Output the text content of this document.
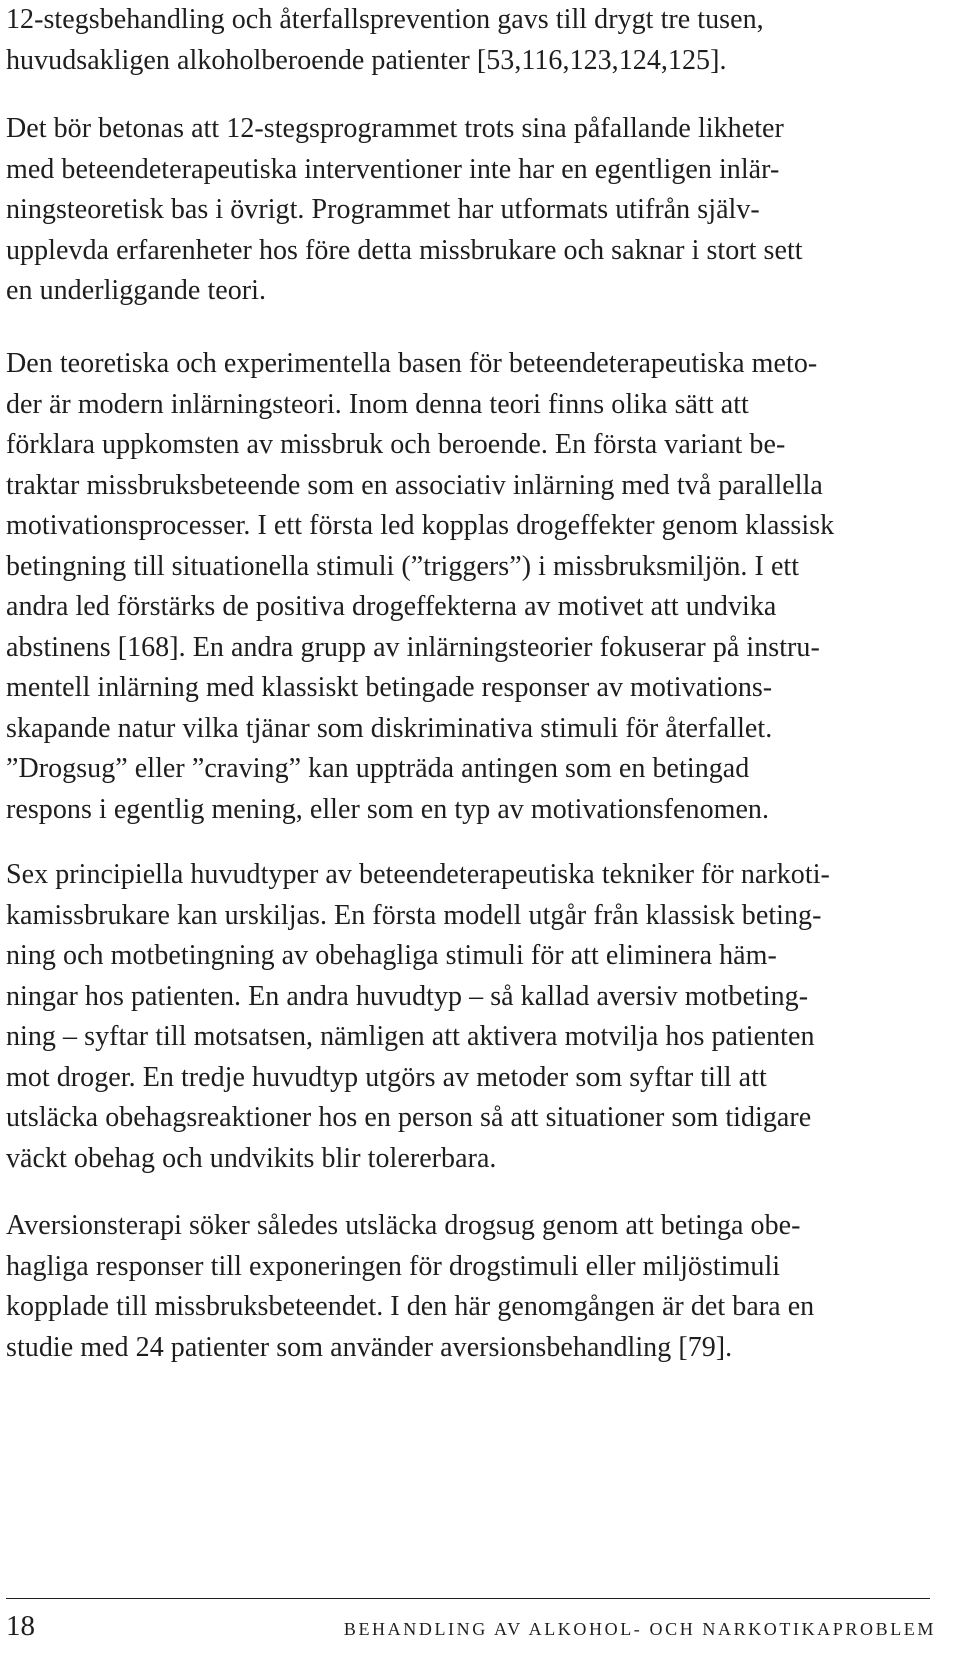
12-stegsbehandling och återfallsprevention gavs till drygt tre tusen,
huvudsakligen alkoholberoende patienter [53,116,123,124,125].
Det bör betonas att 12-stegsprogrammet trots sina påfallande likheter
med beteendeterapeutiska interventioner inte har en egentligen inlär-
ningsteoretisk bas i övrigt. Programmet har utformats utifrån själv-
upplevda erfarenheter hos före detta missbrukare och saknar i stort sett
en underliggande teori.
Den teoretiska och experimentella basen för beteendeterapeutiska meto-
der är modern inlärningsteori. Inom denna teori finns olika sätt att
förklara uppkomsten av missbruk och beroende. En första variant be-
traktar missbruksbeteende som en associativ inlärning med två parallella
motivationsprocesser. I ett första led kopplas drogeffekter genom klassisk
betingning till situationella stimuli (”triggers”) i missbruksmiljön. I ett
andra led förstärks de positiva drogeffekterna av motivet att undvika
abstinens [168]. En andra grupp av inlärningsteorier fokuserar på instru-
mentell inlärning med klassiskt betingade responser av motivations-
skapande natur vilka tjänar som diskriminativa stimuli för återfallet.
”Drogsug” eller ”craving” kan uppträda antingen som en betingad
respons i egentlig mening, eller som en typ av motivationsfenomen.
Sex principiella huvudtyper av beteendeterapeutiska tekniker för narkoti-
kamissbrukare kan urskiljas. En första modell utgår från klassisk beting-
ning och motbetingning av obehagliga stimuli för att eliminera häm-
ningar hos patienten. En andra huvudtyp – så kallad aversiv motbeting-
ning – syftar till motsatsen, nämligen att aktivera motvilja hos patienten
mot droger. En tredje huvudtyp utgörs av metoder som syftar till att
utsläcka obehagsreaktioner hos en person så att situationer som tidigare
väckt obehag och undvikits blir tolererbara.
Aversionsterapi söker således utsläcka drogsug genom att betinga obe-
hagliga responser till exponeringen för drogstimuli eller miljöstimuli
kopplade till missbruksbeteendet. I den här genomgången är det bara en
studie med 24 patienter som använder aversionsbehandling [79].
18	BEHANDLING AV ALKOHOL- OCH NARKOTIKAPROBLEM
